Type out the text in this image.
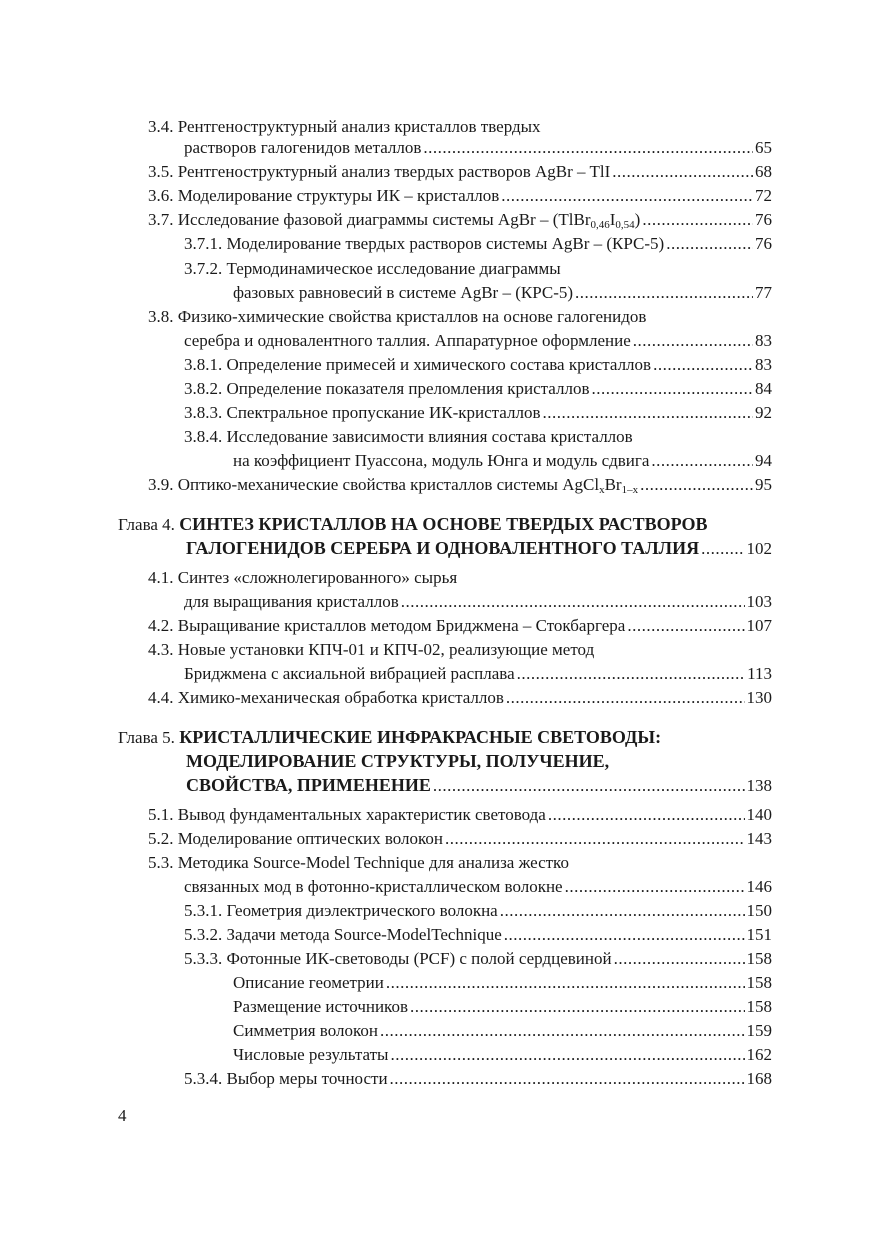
3.4. Рентгеноструктурный анализ кристаллов твердых
растворов галогенидов металлов .....	65
3.5. Рентгеноструктурный анализ твердых растворов AgBr – TlI .....	68
3.6. Моделирование структуры ИК – кристаллов .....	72
3.7. Исследование фазовой диаграммы системы AgBr – $(TlBr_{0,46}I_{0,54})$ .....	76
3.7.1. Моделирование твердых растворов системы AgBr – (КРС-5) .....	76
3.7.2. Термодинамическое исследование диаграммы
фазовых равновесий в системе AgBr – (КРС-5) .....	77
3.8. Физико-химические свойства кристаллов на основе галогенидов
серебра и одновалентного таллия. Аппаратурное оформление .....	83
3.8.1. Определение примесей и химического состава кристаллов .....	83
3.8.2. Определение показателя преломления кристаллов .....	84
3.8.3. Спектральное пропускание ИК-кристаллов .....	92
3.8.4. Исследование зависимости влияния состава кристаллов
на коэффициент Пуассона, модуль Юнга и модуль сдвига .....	94
3.9. Оптико-механические свойства кристаллов системы $AgCl_xBr_{1-x}$ .....	95
Глава 4. СИНТЕЗ КРИСТАЛЛОВ НА ОСНОВЕ ТВЕРДЫХ РАСТВОРОВ
ГАЛОГЕНИДОВ СЕРЕБРА И ОДНОВАЛЕНТНОГО ТАЛЛИЯ .....	102
4.1. Синтез «сложнолегированного» сырья
для выращивания кристаллов .....	103
4.2. Выращивание кристаллов методом Бриджмена – Стокбаргера .....	107
4.3. Новые установки КПЧ-01 и КПЧ-02, реализующие метод
Бриджмена с аксиальной вибрацией расплава .....	113
4.4. Химико-механическая обработка кристаллов .....	130
Глава 5. КРИСТАЛЛИЧЕСКИЕ ИНФРАКРАСНЫЕ СВЕТОВОДЫ:
МОДЕЛИРОВАНИЕ СТРУКТУРЫ, ПОЛУЧЕНИЕ,
СВОЙСТВА, ПРИМЕНЕНИЕ .....	138
5.1. Вывод фундаментальных характеристик световода .....	140
5.2. Моделирование оптических волокон .....	143
5.3. Методика Source-Model Technique для анализа жестко
связанных мод в фотонно-кристаллическом волокне .....	146
5.3.1. Геометрия диэлектрического волокна .....	150
5.3.2. Задачи метода Source-ModelTechnique .....	151
5.3.3. Фотонные ИК-световоды (PCF) с полой сердцевиной .....	158
Описание геометрии .....	158
Размещение источников .....	158
Симметрия волокон .....	159
Числовые результаты .....	162
5.3.4. Выбор меры точности .....	168
4
